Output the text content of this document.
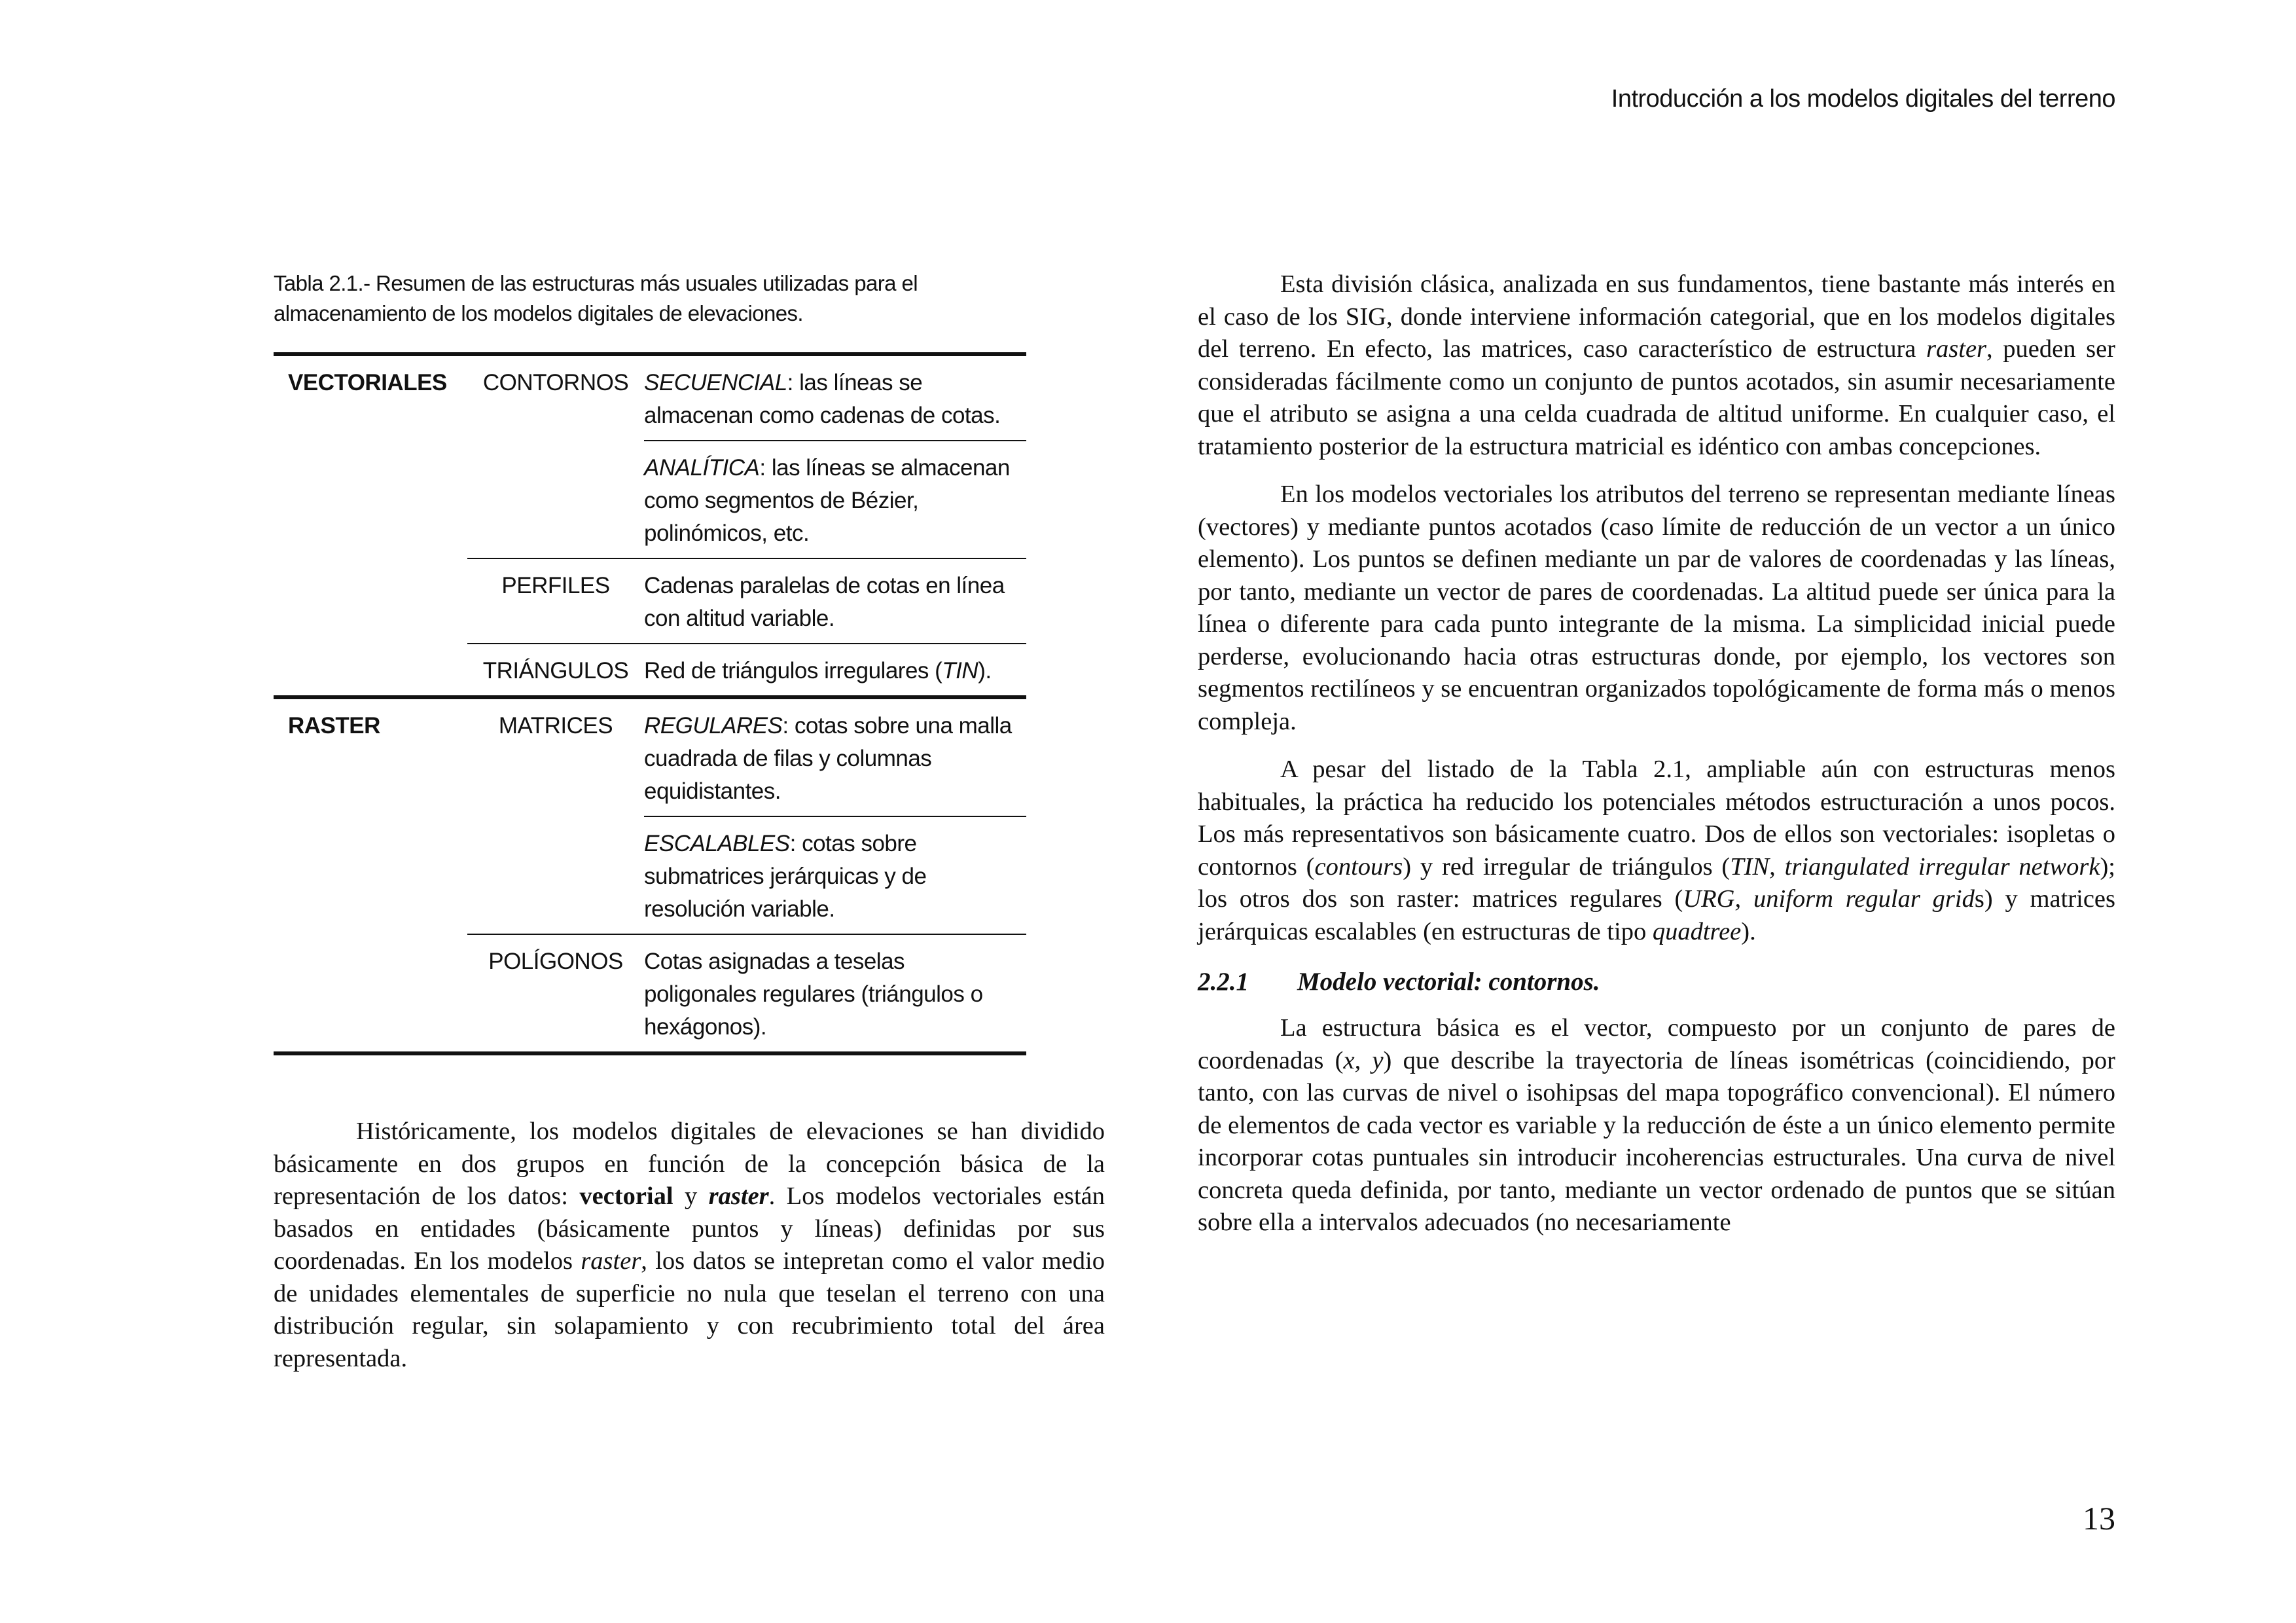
Introducción a los modelos digitales del terreno
Tabla 2.1.- Resumen de las estructuras más usuales utilizadas para el almacenamiento de los modelos digitales de elevaciones.
VECTORIALES	CONTORNOS SECUENCIAL: las líneas se almacenan como cadenas de cotas.
ANALÍTICA: las líneas se almacenan como segmentos de Bézier, polinómicos, etc.
PERFILES	Cadenas paralelas de cotas en línea con altitud variable.
TRIÁNGULOS Red de triángulos irregulares (TIN).
RASTER	MATRICES	REGULARES: cotas sobre una malla cuadrada de filas y columnas equidistantes.
ESCALABLES: cotas sobre submatrices jerárquicas y de resolución variable.
POLÍGONOS Cotas asignadas a teselas poligonales regulares (triángulos o hexágonos).

Históricamente, los modelos digitales de elevaciones se han dividido básicamente en dos grupos en función de la concepción básica de la representación de los datos: vectorial y raster. Los modelos vectoriales están basados en entidades (básicamente puntos y líneas) definidas por sus coordenadas. En los modelos raster, los datos se intepretan como el valor medio de unidades elementales de superficie no nula que teselan el terreno con una distribución regular, sin solapamiento y con recubrimiento total del área representada.

Esta división clásica, analizada en sus fundamentos, tiene bastante más interés en el caso de los SIG, donde interviene información categorial, que en los modelos digitales del terreno. En efecto, las matrices, caso característico de estructura raster, pueden ser consideradas fácilmente como un conjunto de puntos acotados, sin asumir necesariamente que el atributo se asigna a una celda cuadrada de altitud uniforme. En cualquier caso, el tratamiento posterior de la estructura matricial es idéntico con ambas concepciones.

En los modelos vectoriales los atributos del terreno se representan mediante líneas (vectores) y mediante puntos acotados (caso límite de reducción de un vector a un único elemento). Los puntos se definen mediante un par de valores de coordenadas y las líneas, por tanto, mediante un vector de pares de coordenadas. La altitud puede ser única para la línea o diferente para cada punto integrante de la misma. La simplicidad inicial puede perderse, evolucionando hacia otras estructuras donde, por ejemplo, los vectores son segmentos rectilíneos y se encuentran organizados topológicamente de forma más o menos compleja.

A pesar del listado de la Tabla 2.1, ampliable aún con estructuras menos habituales, la práctica ha reducido los potenciales métodos estructuración a unos pocos. Los más representativos son básicamente cuatro. Dos de ellos son vectoriales: isopletas o contornos (contours) y red irregular de triángulos (TIN, triangulated irregular network); los otros dos son raster: matrices regulares (URG, uniform regular grids) y matrices jerárquicas escalables (en estructuras de tipo quadtree).

2.2.1 Modelo vectorial: contornos.

La estructura básica es el vector, compuesto por un conjunto de pares de coordenadas (x, y) que describe la trayectoria de líneas isométricas (coincidiendo, por tanto, con las curvas de nivel o isohipsas del mapa topográfico convencional). El número de elementos de cada vector es variable y la reducción de éste a un único elemento permite incorporar cotas puntuales sin introducir incoherencias estructurales. Una curva de nivel concreta queda definida, por tanto, mediante un vector ordenado de puntos que se sitúan sobre ella a intervalos adecuados (no necesariamente

13
